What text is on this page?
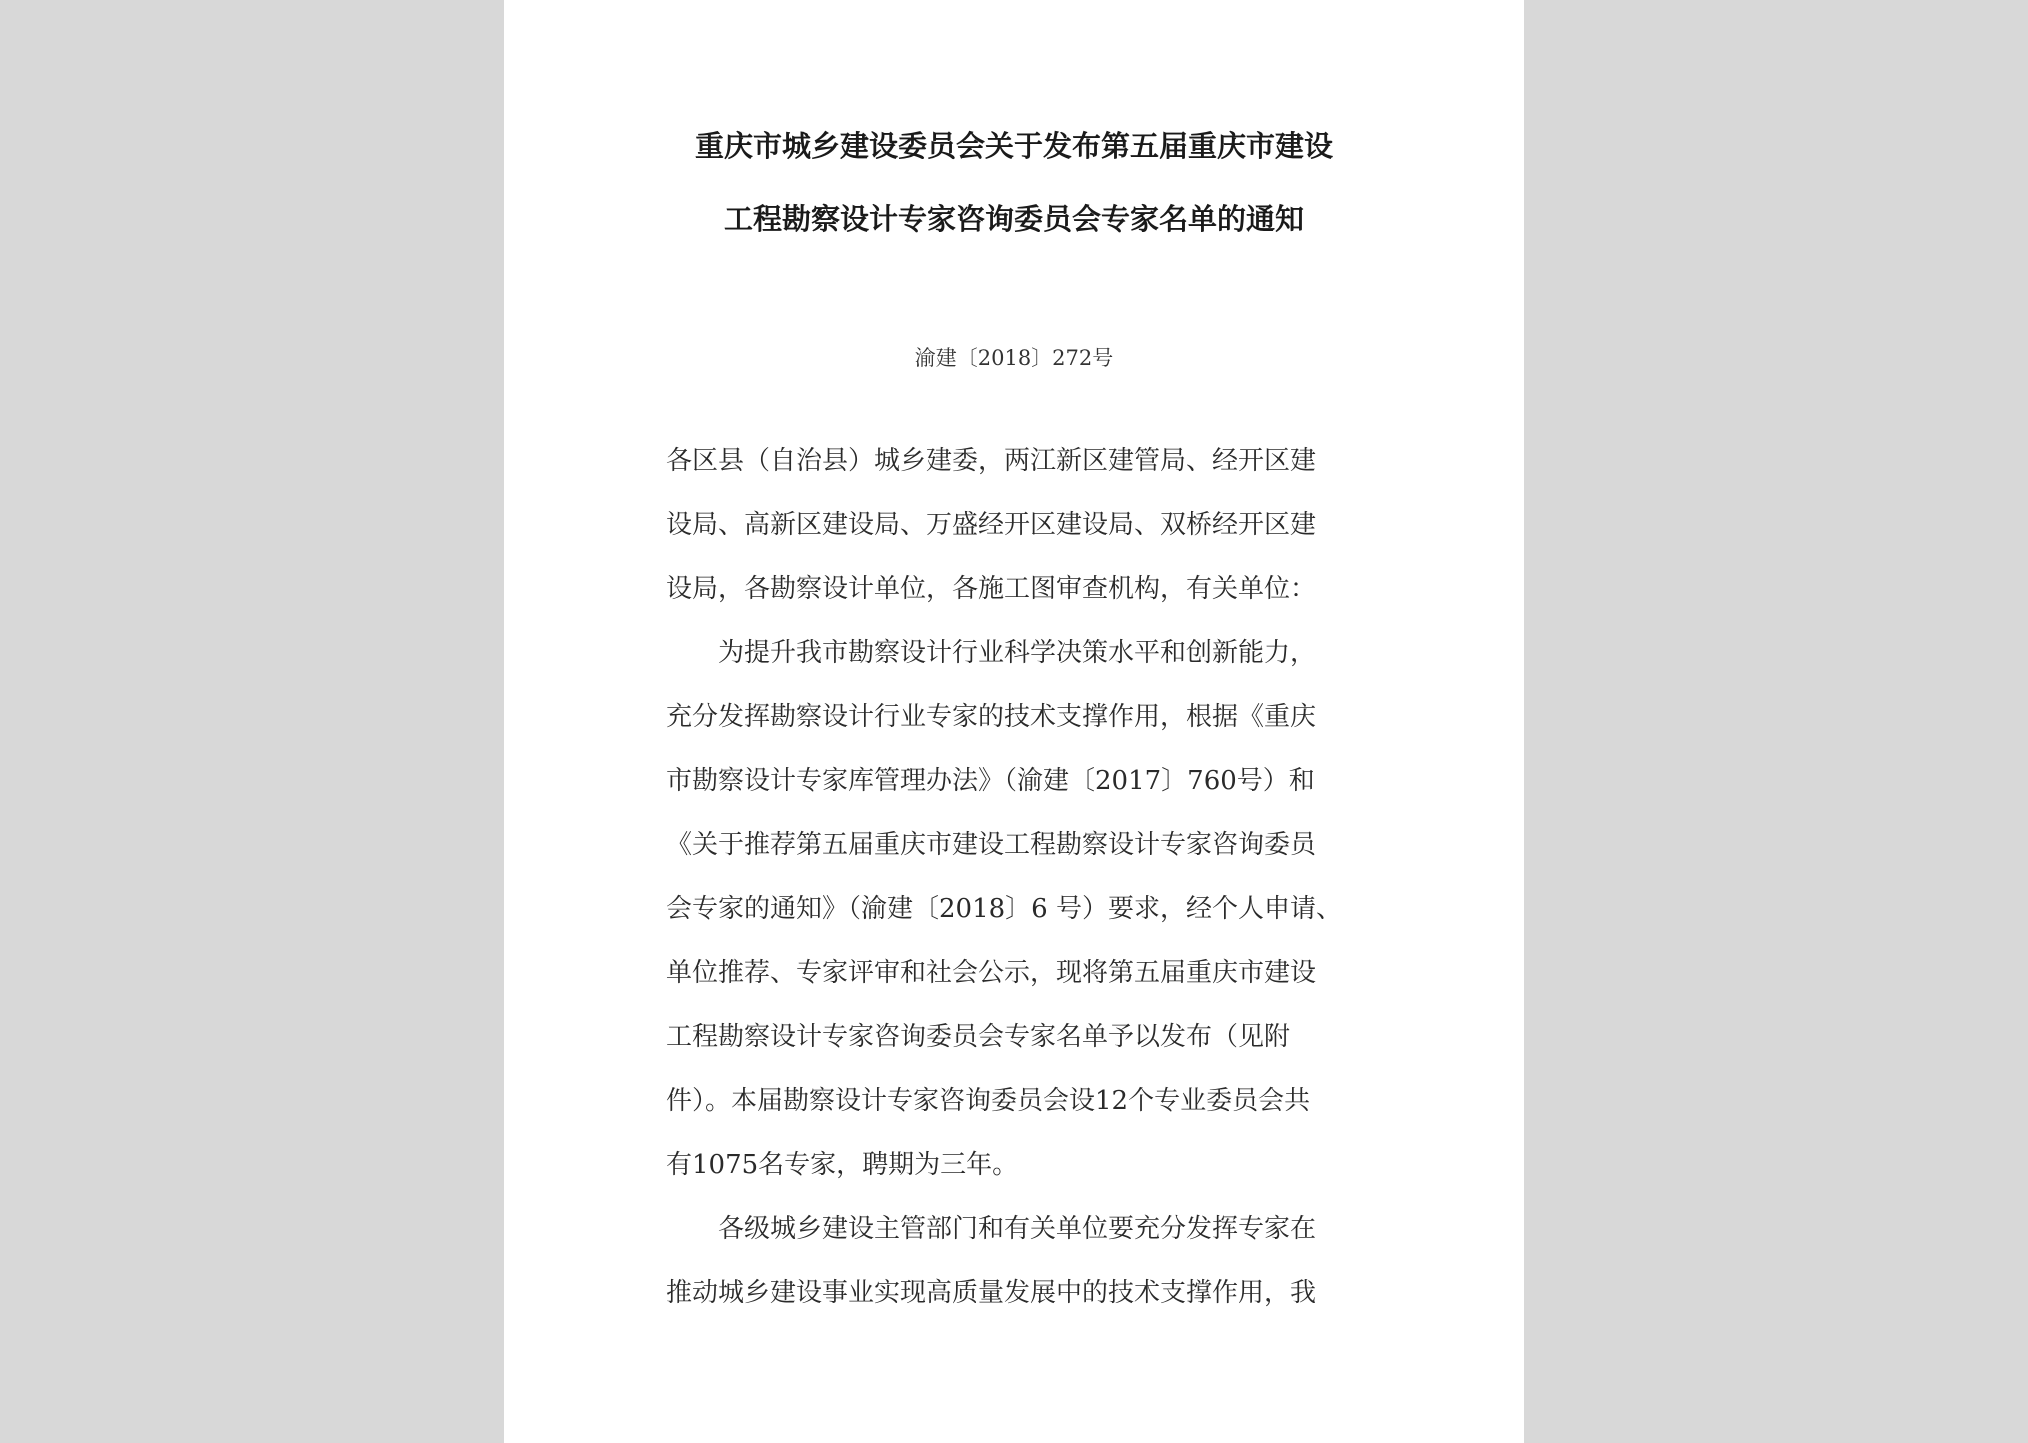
重庆市城乡建设委员会关于发布第五届重庆市建设

工程勘察设计专家咨询委员会专家名单的通知

渝建〔2018〕272号

各区县（自治县）城乡建委，两江新区建管局、经开区建

设局、高新区建设局、万盛经开区建设局、双桥经开区建

设局，各勘察设计单位，各施工图审查机构，有关单位：

为提升我市勘察设计行业科学决策水平和创新能力，

充分发挥勘察设计行业专家的技术支撑作用，根据《重庆

市勘察设计专家库管理办法》（渝建〔2017〕760号）和

《关于推荐第五届重庆市建设工程勘察设计专家咨询委员

会专家的通知》（渝建〔2018〕6 号）要求，经个人申请、

单位推荐、专家评审和社会公示，现将第五届重庆市建设

工程勘察设计专家咨询委员会专家名单予以发布（见附

件）。本届勘察设计专家咨询委员会设12个专业委员会共

有1075名专家，聘期为三年。

各级城乡建设主管部门和有关单位要充分发挥专家在

推动城乡建设事业实现高质量发展中的技术支撑作用，我
